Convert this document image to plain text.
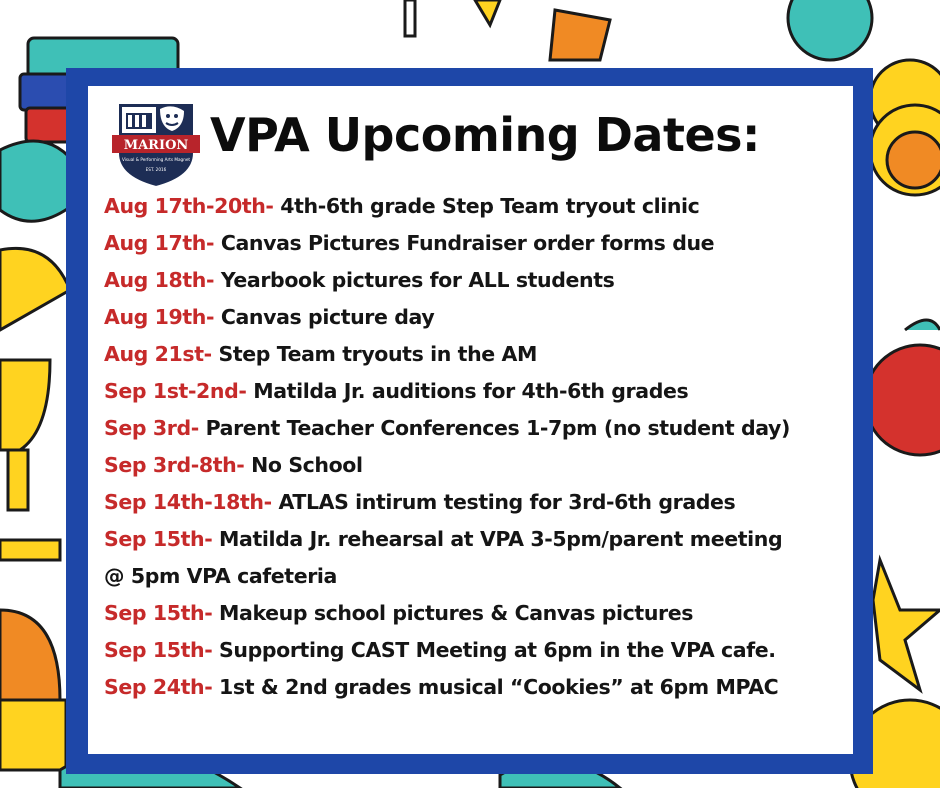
MARION
Visual & Performing Arts Magnet
EST. 2016
VPA Upcoming Dates:
Aug 17th-20th- 4th-6th grade Step Team tryout clinic
Aug 17th- Canvas Pictures Fundraiser order forms due
Aug 18th- Yearbook pictures for ALL students
Aug 19th- Canvas picture day
Aug 21st- Step Team tryouts in the AM
Sep 1st-2nd- Matilda Jr. auditions for 4th-6th grades
Sep 3rd- Parent Teacher Conferences 1-7pm (no student day)
Sep 3rd-8th- No School
Sep 14th-18th- ATLAS intirum testing for 3rd-6th grades
Sep 15th- Matilda Jr. rehearsal at VPA 3-5pm/parent meeting
@ 5pm VPA cafeteria
Sep 15th- Makeup school pictures & Canvas pictures
Sep 15th- Supporting CAST Meeting at 6pm in the VPA cafe.
Sep 24th- 1st & 2nd grades musical “Cookies” at 6pm MPAC
